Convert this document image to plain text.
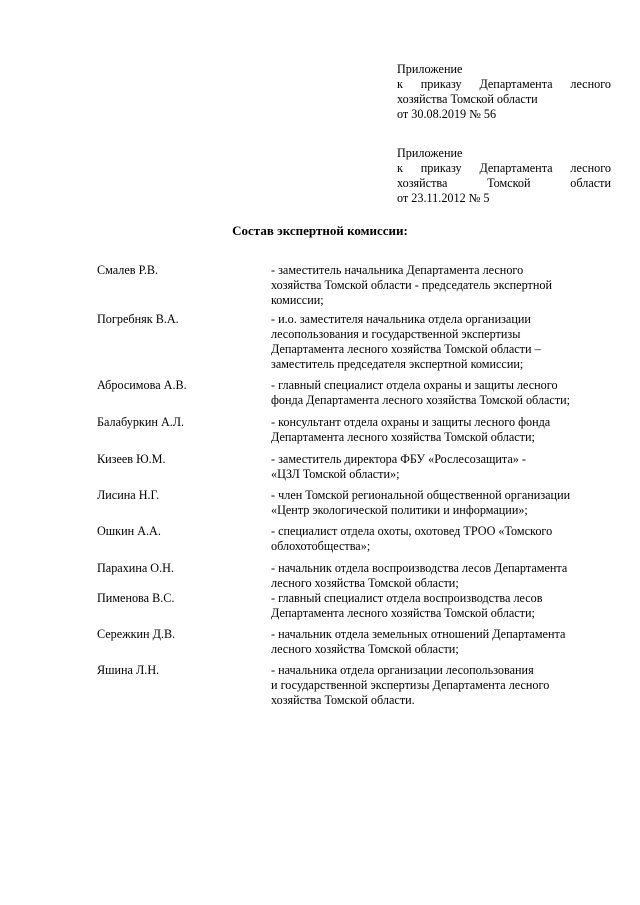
Приложение
к приказу Департамента лесного
хозяйства Томской области
от 30.08.2019 № 56
Приложение
к приказу Департамента лесного
хозяйства Томской области
от 23.11.2012 № 5
Состав экспертной комиссии:
Смалев Р.В.	- заместитель начальника Департамента лесного
хозяйства Томской области - председатель экспертной
комиссии;
Погребняк В.А.	- и.о. заместителя начальника отдела организации
лесопользования и государственной экспертизы
Департамента лесного хозяйства Томской области –
заместитель председателя экспертной комиссии;
Абросимова А.В.	- главный специалист отдела охраны и защиты лесного
фонда Департамента лесного хозяйства Томской области;
Балабуркин А.Л.	- консультант отдела охраны и защиты лесного фонда
Департамента лесного хозяйства Томской области;
Кизеев Ю.М.	- заместитель директора ФБУ «Рослесозащита» -
«ЦЗЛ Томской области»;
Лисина Н.Г.	- член Томской региональной общественной организации
«Центр экологической политики и информации»;
Ошкин А.А.	- специалист отдела охоты, охотовед ТРОО «Томского
облохотобщества»;
Парахина О.Н.	- начальник отдела воспроизводства лесов Департамента
лесного хозяйства Томской области;
Пименова В.С.	- главный специалист отдела воспроизводства лесов
Департамента лесного хозяйства Томской области;
Сережкин Д.В.	- начальник отдела земельных отношений Департамента
лесного хозяйства Томской области;
Яшина Л.Н.	- начальника отдела организации лесопользования
и государственной экспертизы Департамента лесного
хозяйства Томской области.
